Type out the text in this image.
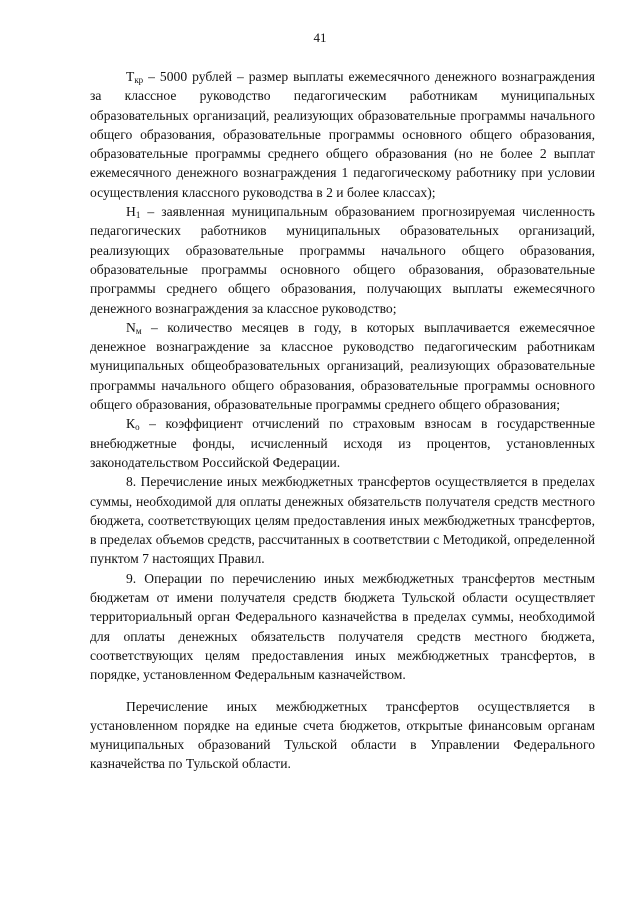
41

$Т_{кр} - 5000$ рублей – размер выплаты ежемесячного денежного вознаграждения за классное руководство педагогическим работникам муниципальных образовательных организаций, реализующих образовательные программы начального общего образования, образовательные программы основного общего образования, образовательные программы среднего общего образования (но не более 2 выплат ежемесячного денежного вознаграждения 1 педагогическому работнику при условии осуществления классного руководства в 2 и более классах);

$Н_1$ – заявленная муниципальным образованием прогнозируемая численность педагогических работников муниципальных образовательных организаций, реализующих образовательные программы начального общего образования, образовательные программы основного общего образования, образовательные программы среднего общего образования, получающих выплаты ежемесячного денежного вознаграждения за классное руководство;

$N_м$ – количество месяцев в году, в которых выплачивается ежемесячное денежное вознаграждение за классное руководство педагогическим работникам муниципальных общеобразовательных организаций, реализующих образовательные программы начального общего образования, образовательные программы основного общего образования, образовательные программы среднего общего образования;

$К_о$ – коэффициент отчислений по страховым взносам в государственные внебюджетные фонды, исчисленный исходя из процентов, установленных законодательством Российской Федерации.

8. Перечисление иных межбюджетных трансфертов осуществляется в пределах суммы, необходимой для оплаты денежных обязательств получателя средств местного бюджета, соответствующих целям предоставления иных межбюджетных трансфертов, в пределах объемов средств, рассчитанных в соответствии с Методикой, определенной пунктом 7 настоящих Правил.

9. Операции по перечислению иных межбюджетных трансфертов местным бюджетам от имени получателя средств бюджета Тульской области осуществляет территориальный орган Федерального казначейства в пределах суммы, необходимой для оплаты денежных обязательств получателя средств местного бюджета, соответствующих целям предоставления иных межбюджетных трансфертов, в порядке, установленном Федеральным казначейством.

Перечисление иных межбюджетных трансфертов осуществляется в установленном порядке на единые счета бюджетов, открытые финансовым органам муниципальных образований Тульской области в Управлении Федерального казначейства по Тульской области.
